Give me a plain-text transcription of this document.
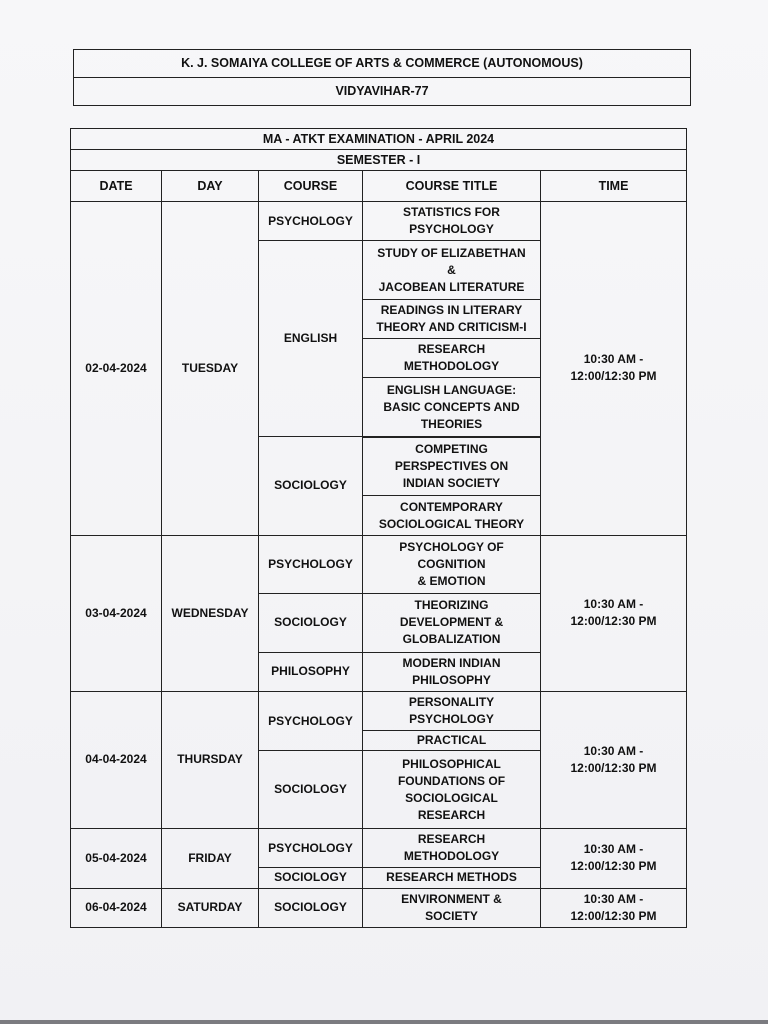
K. J. SOMAIYA COLLEGE OF ARTS & COMMERCE (AUTONOMOUS)
VIDYAVIHAR-77
MA - ATKT EXAMINATION - APRIL 2024				
SEMESTER - I				
DATE	DAY	COURSE	COURSE TITLE	TIME
02-04-2024	TUESDAY	PSYCHOLOGY	STATISTICS FOR
PSYCHOLOGY	10:30 AM -
12:00/12:30 PM
		ENGLISH	STUDY OF ELIZABETHAN
&
JACOBEAN LITERATURE	
			READINGS IN LITERARY
THEORY AND CRITICISM-I	
			RESEARCH
METHODOLOGY	
			ENGLISH LANGUAGE:
BASIC CONCEPTS AND
THEORIES	
		SOCIOLOGY		
			COMPETING
PERSPECTIVES ON
INDIAN SOCIETY	
			CONTEMPORARY
SOCIOLOGICAL THEORY	
03-04-2024	WEDNESDAY	PSYCHOLOGY	PSYCHOLOGY OF
COGNITION
& EMOTION	10:30 AM -
12:00/12:30 PM
		SOCIOLOGY	THEORIZING
DEVELOPMENT &
GLOBALIZATION	
		PHILOSOPHY	MODERN INDIAN
PHILOSOPHY	
04-04-2024	THURSDAY	PSYCHOLOGY	PERSONALITY
PSYCHOLOGY	10:30 AM -
12:00/12:30 PM
			PRACTICAL	
		SOCIOLOGY	PHILOSOPHICAL
FOUNDATIONS OF
SOCIOLOGICAL
RESEARCH	
05-04-2024	FRIDAY	PSYCHOLOGY	RESEARCH
METHODOLOGY	10:30 AM -
12:00/12:30 PM
		SOCIOLOGY	RESEARCH METHODS	
06-04-2024	SATURDAY	SOCIOLOGY	ENVIRONMENT &
SOCIETY	10:30 AM -
12:00/12:30 PM
